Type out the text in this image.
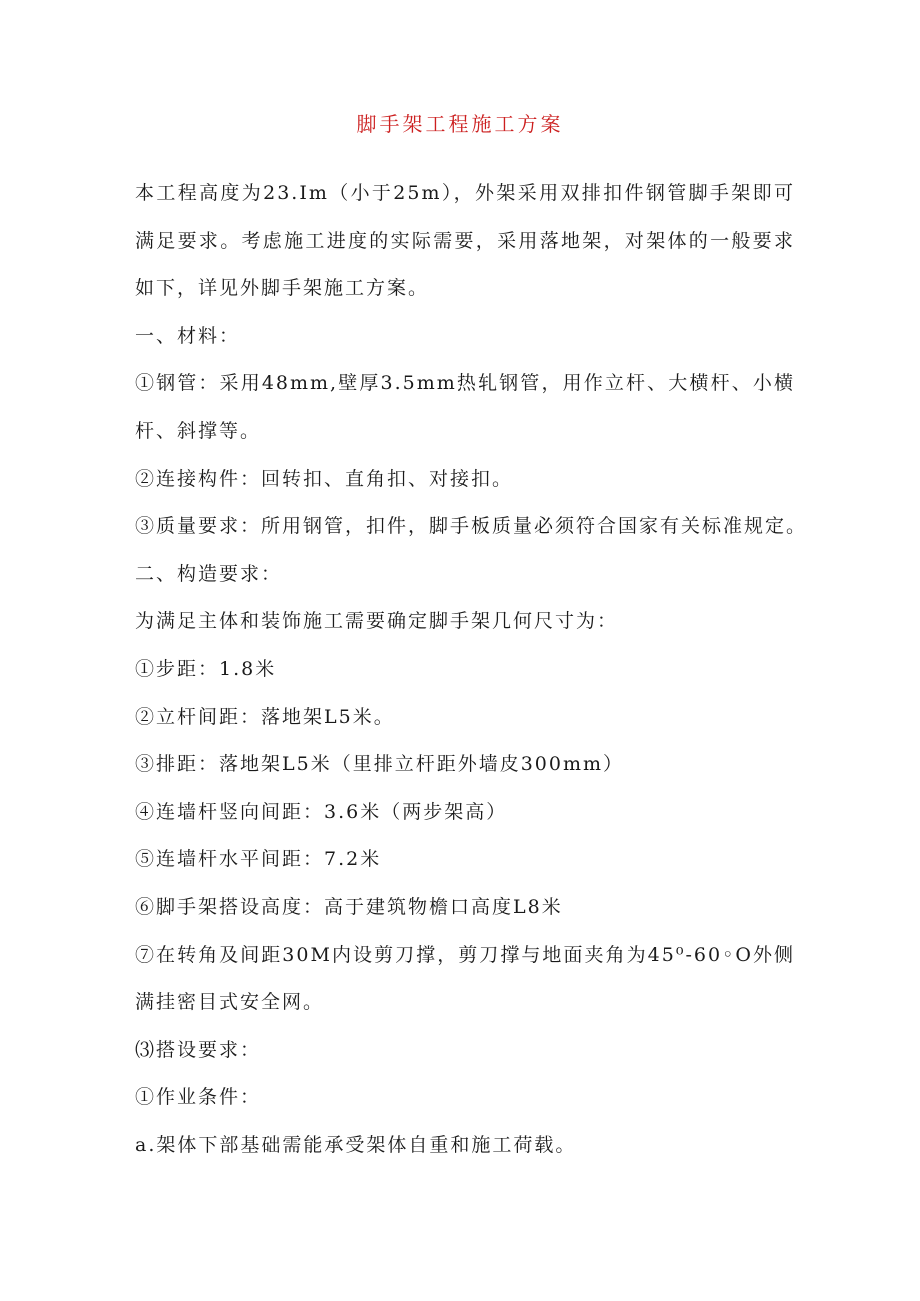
脚手架工程施工方案

本工程高度为23.Im（小于25m），外架采用双排扣件钢管脚手架即可满足要求。考虑施工进度的实际需要，采用落地架，对架体的一般要求如下，详见外脚手架施工方案。

一、材料：

①钢管：采用48mm,壁厚3.5mm热轧钢管，用作立杆、大横杆、小横杆、斜撑等。

②连接构件：回转扣、直角扣、对接扣。

③质量要求：所用钢管，扣件，脚手板质量必须符合国家有关标准规定。

二、构造要求：

为满足主体和装饰施工需要确定脚手架几何尺寸为：

①步距：1.8米

②立杆间距：落地架L5米。

③排距：落地架L5米（里排立杆距外墙皮300mm）

④连墙杆竖向间距：3.6米（两步架高）

⑤连墙杆水平间距：7.2米

⑥脚手架搭设高度：高于建筑物檐口高度L8米

⑦在转角及间距30M内设剪刀撑，剪刀撑与地面夹角为45⁰-60◦O外侧满挂密目式安全网。

⑶搭设要求：

①作业条件：

a.架体下部基础需能承受架体自重和施工荷载。
